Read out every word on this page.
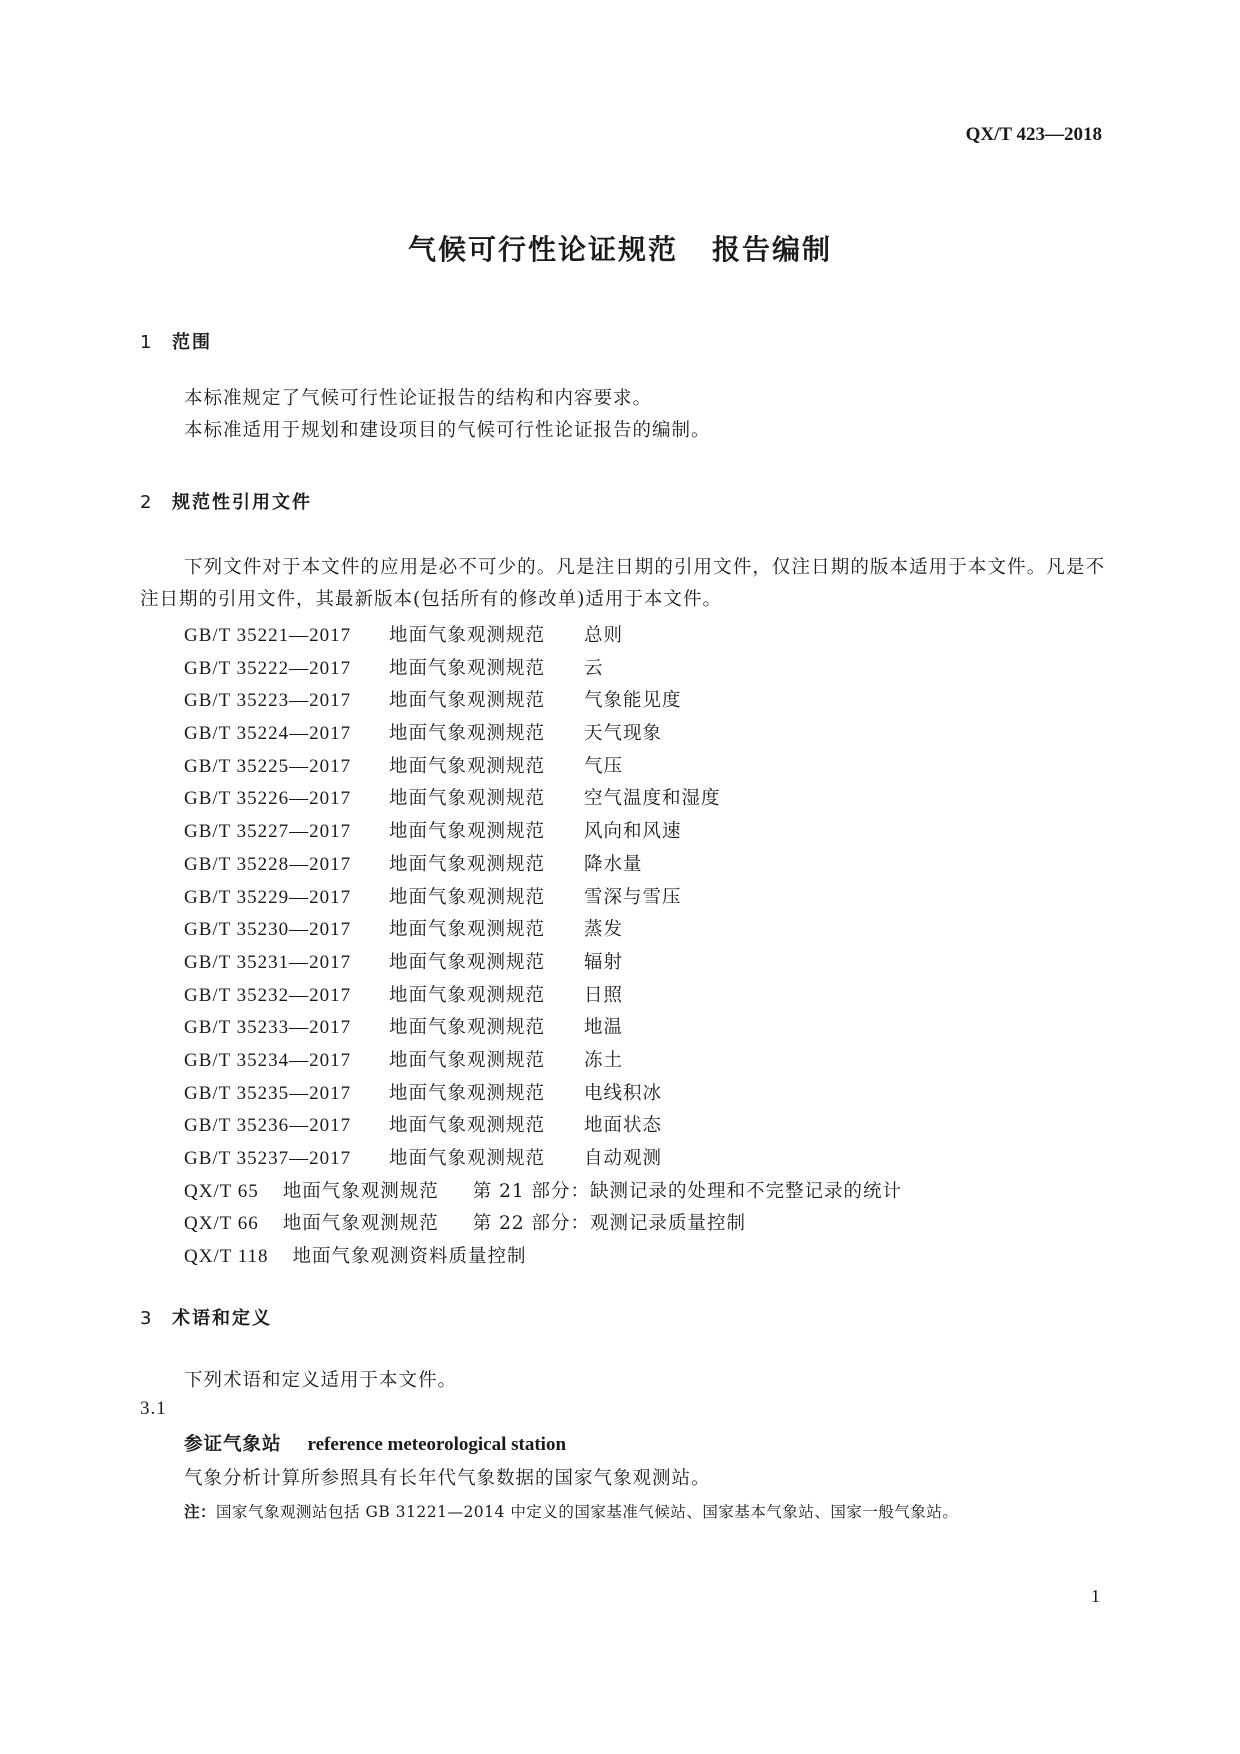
QX/T 423—2018
气候可行性论证规范 报告编制
1 范围
本标准规定了气候可行性论证报告的结构和内容要求。
本标准适用于规划和建设项目的气候可行性论证报告的编制。
2 规范性引用文件
下列文件对于本文件的应用是必不可少的。凡是注日期的引用文件，仅注日期的版本适用于本文件。凡是不注日期的引用文件，其最新版本(包括所有的修改单)适用于本文件。
GB/T 35221—2017 地面气象观测规范 总则
GB/T 35222—2017 地面气象观测规范 云
GB/T 35223—2017 地面气象观测规范 气象能见度
GB/T 35224—2017 地面气象观测规范 天气现象
GB/T 35225—2017 地面气象观测规范 气压
GB/T 35226—2017 地面气象观测规范 空气温度和湿度
GB/T 35227—2017 地面气象观测规范 风向和风速
GB/T 35228—2017 地面气象观测规范 降水量
GB/T 35229—2017 地面气象观测规范 雪深与雪压
GB/T 35230—2017 地面气象观测规范 蒸发
GB/T 35231—2017 地面气象观测规范 辐射
GB/T 35232—2017 地面气象观测规范 日照
GB/T 35233—2017 地面气象观测规范 地温
GB/T 35234—2017 地面气象观测规范 冻土
GB/T 35235—2017 地面气象观测规范 电线积冰
GB/T 35236—2017 地面气象观测规范 地面状态
GB/T 35237—2017 地面气象观测规范 自动观测
QX/T 65 地面气象观测规范 第 21 部分：缺测记录的处理和不完整记录的统计
QX/T 66 地面气象观测规范 第 22 部分：观测记录质量控制
QX/T 118 地面气象观测资料质量控制
3 术语和定义
下列术语和定义适用于本文件。
3.1
参证气象站 reference meteorological station
气象分析计算所参照具有长年代气象数据的国家气象观测站。
注：国家气象观测站包括 GB 31221—2014 中定义的国家基准气候站、国家基本气象站、国家一般气象站。
1
